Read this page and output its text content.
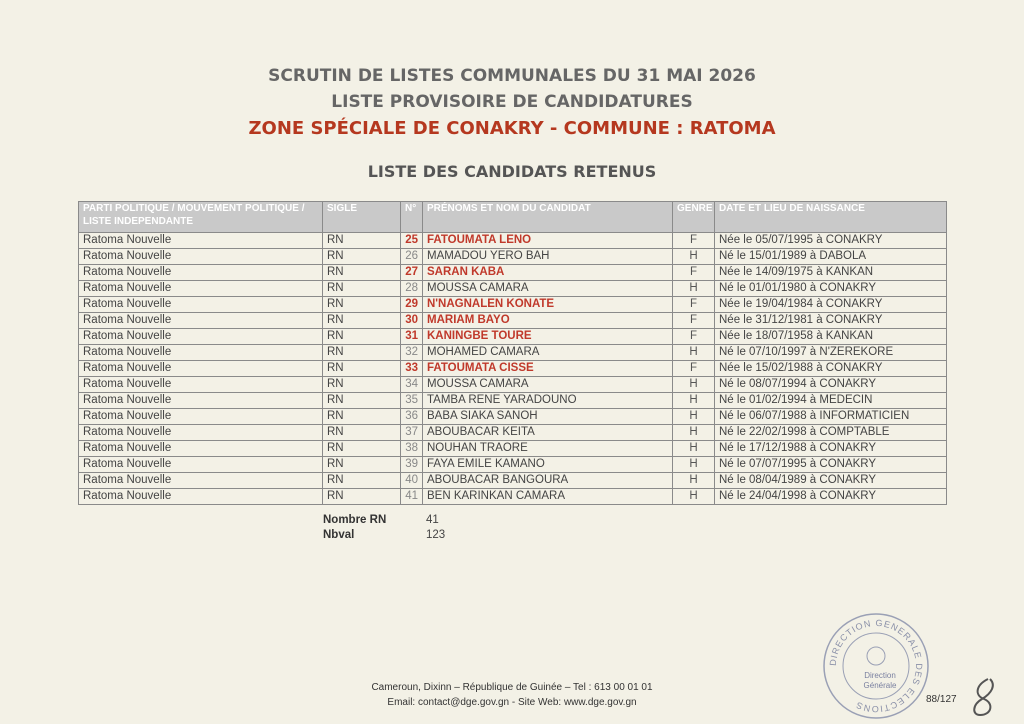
SCRUTIN DE LISTES COMMUNALES DU 31 MAI 2026
LISTE PROVISOIRE DE CANDIDATURES
ZONE SPÉCIALE DE CONAKRY - COMMUNE : RATOMA
LISTE DES CANDIDATS RETENUS
PARTI POLITIQUE / MOUVEMENT POLITIQUE / LISTE INDEPENDANTE	SIGLE	N°	PRÉNOMS ET NOM DU CANDIDAT	GENRE	DATE ET LIEU DE NAISSANCE
Ratoma Nouvelle	RN	25	FATOUMATA LENO	F	Née le 05/07/1995 à CONAKRY
Ratoma Nouvelle	RN	26	MAMADOU YERO BAH	H	Né le 15/01/1989 à DABOLA
Ratoma Nouvelle	RN	27	SARAN KABA	F	Née le 14/09/1975 à KANKAN
Ratoma Nouvelle	RN	28	MOUSSA CAMARA	H	Né le 01/01/1980 à CONAKRY
Ratoma Nouvelle	RN	29	N'NAGNALEN KONATE	F	Née le 19/04/1984 à CONAKRY
Ratoma Nouvelle	RN	30	MARIAM BAYO	F	Née le 31/12/1981 à CONAKRY
Ratoma Nouvelle	RN	31	KANINGBE TOURE	F	Née le 18/07/1958 à KANKAN
Ratoma Nouvelle	RN	32	MOHAMED CAMARA	H	Né le 07/10/1997 à N'ZEREKORE
Ratoma Nouvelle	RN	33	FATOUMATA CISSE	F	Née le 15/02/1988 à CONAKRY
Ratoma Nouvelle	RN	34	MOUSSA CAMARA	H	Né le 08/07/1994 à CONAKRY
Ratoma Nouvelle	RN	35	TAMBA RENE YARADOUNO	H	Né le 01/02/1994 à MEDECIN
Ratoma Nouvelle	RN	36	BABA SIAKA SANOH	H	Né le 06/07/1988 à INFORMATICIEN
Ratoma Nouvelle	RN	37	ABOUBACAR KEITA	H	Né le 22/02/1998 à COMPTABLE
Ratoma Nouvelle	RN	38	NOUHAN TRAORE	H	Né le 17/12/1988 à CONAKRY
Ratoma Nouvelle	RN	39	FAYA EMILE KAMANO	H	Né le 07/07/1995 à CONAKRY
Ratoma Nouvelle	RN	40	ABOUBACAR BANGOURA	H	Né le 08/04/1989 à CONAKRY
Ratoma Nouvelle	RN	41	BEN KARINKAN CAMARA	H	Né le 24/04/1998 à CONAKRY
Nombre RN	41
Nbval	123
DIRECTION GENERALE DES ELECTIONS
Direction
Générale
Cameroun, Dixinn – République de Guinée – Tel : 613 00 01 01
Email: contact@dge.gov.gn - Site Web: www.dge.gov.gn	88/127
